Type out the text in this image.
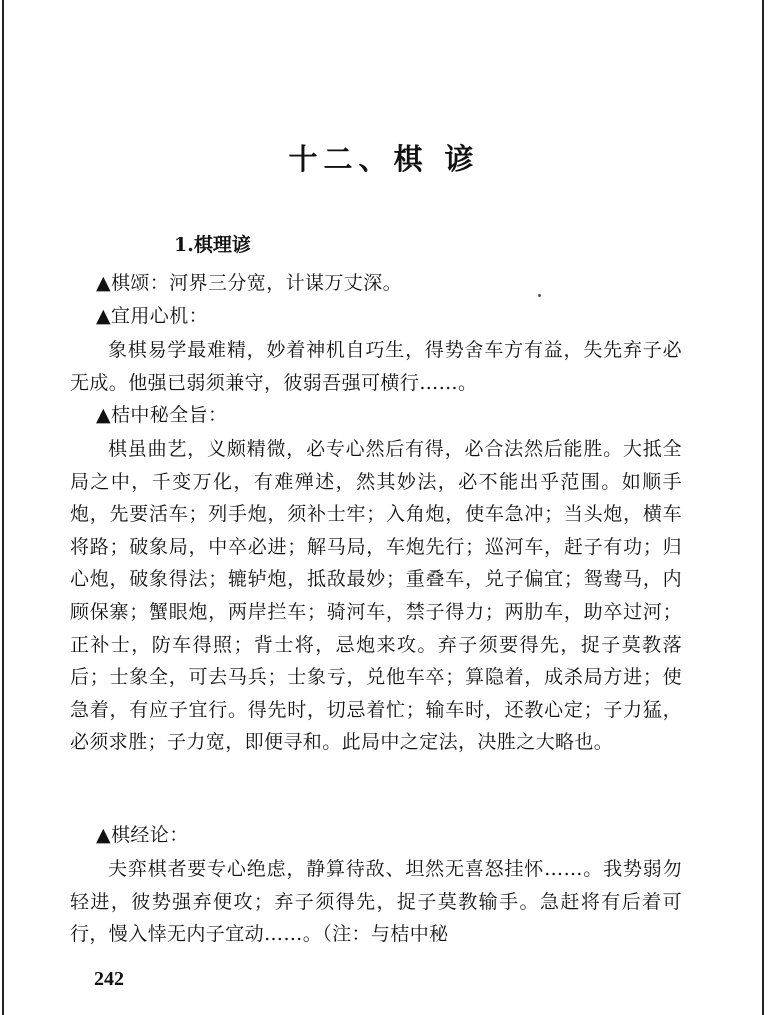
十二、棋 谚
1.棋理谚
▲棋颂：河界三分宽，计谋万丈深。
▲宜用心机：

象棋易学最难精，妙着神机自巧生，得势舍车方有益，失先弃子必无成。他强已弱须兼守，彼弱吾强可横行……。

▲桔中秘全旨：

棋虽曲艺，义颇精微，必专心然后有得，必合法然后能胜。大抵全局之中，千变万化，有难殚述，然其妙法，必不能出乎范围。如顺手炮，先要活车；列手炮，须补士牢；入角炮，使车急冲；当头炮，横车将路；破象局，中卒必进；解马局，车炮先行；巡河车，赶子有功；归心炮，破象得法；辘轳炮，抵敌最妙；重叠车，兑子偏宜；鸳鸯马，内顾保寨；蟹眼炮，两岸拦车；骑河车，禁子得力；两肋车，助卒过河；正补士，防车得照；背士将，忌炮来攻。弃子须要得先，捉子莫教落后；士象全，可去马兵；士象亏，兑他车卒；算隐着，成杀局方进；使急着，有应子宜行。得先时，切忌着忙；输车时，还教心定；子力猛，必须求胜；子力宽，即便寻和。此局中之定法，决胜之大略也。

▲棋经论：

夫弈棋者要专心绝虑，静算待敌、坦然无喜怒挂怀……。我势弱勿轻进，彼势强弃便攻；弃子须得先，捉子莫教输手。急赶将有后着可行，慢入悻无内子宜动……。（注：与桔中秘

242
